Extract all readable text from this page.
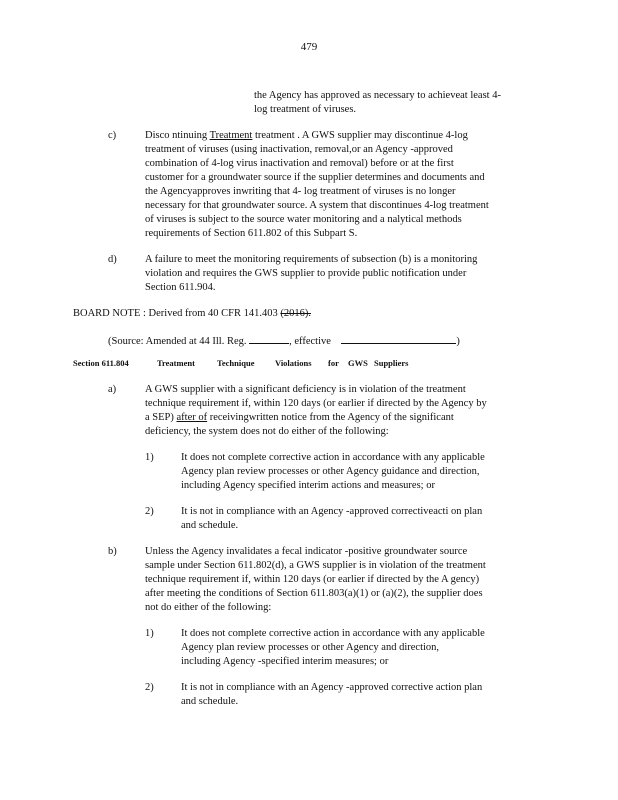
479
the Agency has approved as necessary to achieveat least 4-
log treatment of viruses.
c)	Disco ntinuing Treatment treatment . A GWS supplier may discontinue 4-log
treatment of viruses (using inactivation, removal,or an Agency -approved
combination of 4-log virus inactivation and removal) before or at the first
customer for a groundwater source if the supplier determines and documents and
the Agencyapproves inwriting that 4- log treatment of viruses is no longer
necessary for that groundwater source. A system that discontinues 4-log treatment
of viruses is subject to the source water monitoring and a nalytical methods
requirements of Section 611.802 of this Subpart S.
d)	A failure to meet the monitoring requirements of subsection (b) is a monitoring
violation and requires the GWS supplier to provide public notification under
Section 611.904.
BOARD NOTE : Derived from 40 CFR 141.403 (2016).
(Source: Amended at 44 Ill. Reg.	, effective	)
Section 611.804	Treatment	Technique Violations for GWS Suppliers
a)	A GWS supplier with a significant deficiency is in violation of the treatment
technique requirement if, within 120 days (or earlier if directed by the Agency by
a SEP) after of receivingwritten notice from the Agency of the significant
deficiency, the system does not do either of the following:
1)	It does not complete corrective action in accordance with any applicable
Agency plan review processes or other Agency guidance and direction,
including Agency specified interim actions and measures; or
2)	It is not in compliance with an Agency -approved correctiveacti on plan
and schedule.
b)	Unless the Agency invalidates a fecal indicator -positive groundwater source
sample under Section 611.802(d), a GWS supplier is in violation of the treatment
technique requirement if, within 120 days (or earlier if directed by the A gency)
after meeting the conditions of Section 611.803(a)(1) or (a)(2), the supplier does
not do either of the following:
1)	It does not complete corrective action in accordance with any applicable
Agency plan review processes or other Agency and direction,
including Agency -specified interim measures; or
2)	It is not in compliance with an Agency -approved corrective action plan
and schedule.
